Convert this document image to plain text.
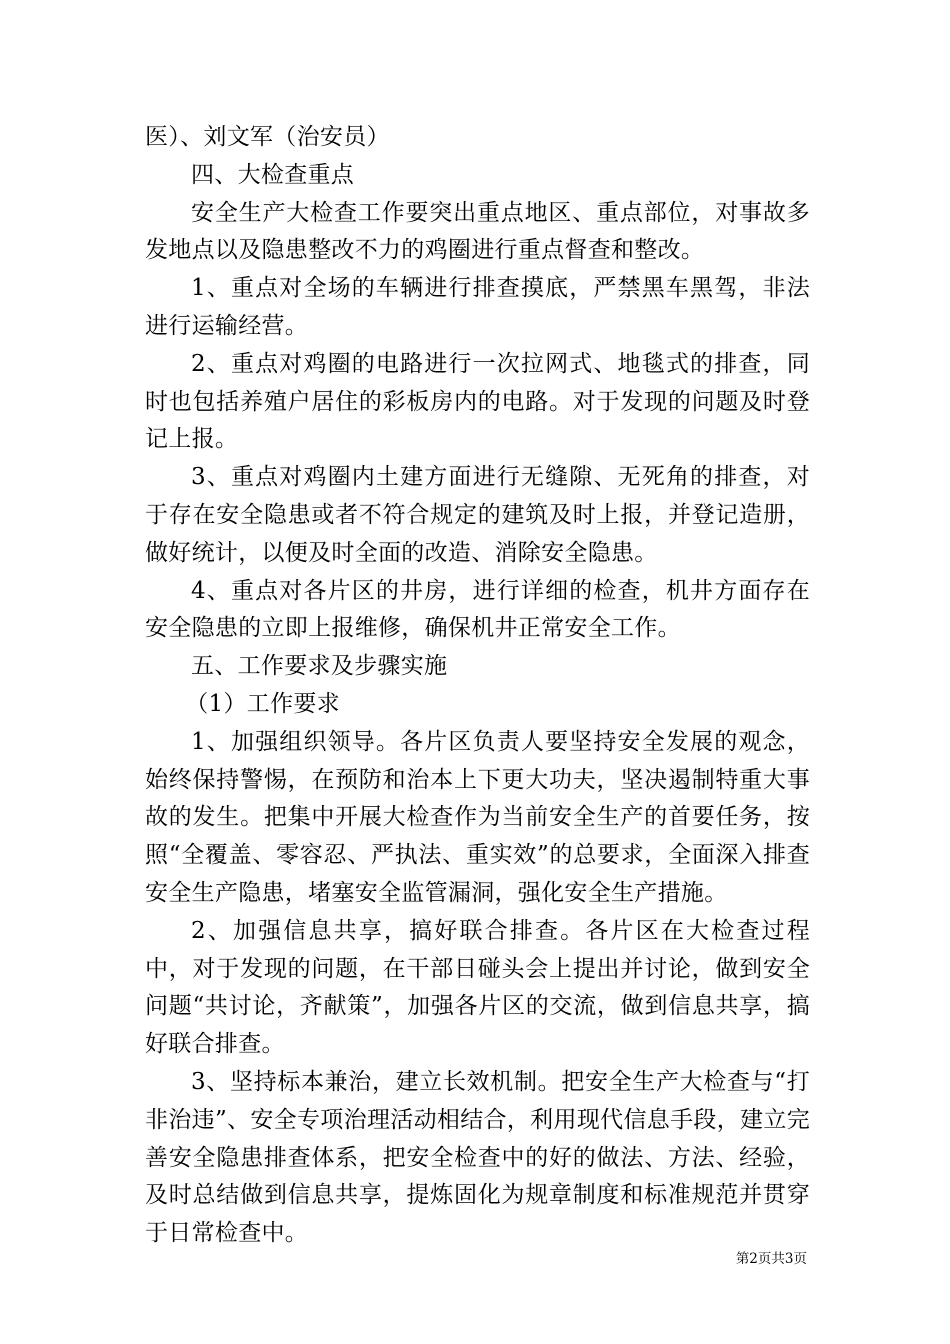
医）、刘文军（治安员）

四、大检查重点

安全生产大检查工作要突出重点地区、重点部位，对事故多发地点以及隐患整改不力的鸡圈进行重点督查和整改。

1、重点对全场的车辆进行排查摸底，严禁黑车黑驾，非法进行运输经营。

2、重点对鸡圈的电路进行一次拉网式、地毯式的排查，同时也包括养殖户居住的彩板房内的电路。对于发现的问题及时登记上报。

3、重点对鸡圈内土建方面进行无缝隙、无死角的排查，对于存在安全隐患或者不符合规定的建筑及时上报，并登记造册，做好统计，以便及时全面的改造、消除安全隐患。

4、重点对各片区的井房，进行详细的检查，机井方面存在安全隐患的立即上报维修，确保机井正常安全工作。

五、工作要求及步骤实施

（1）工作要求

1、加强组织领导。各片区负责人要坚持安全发展的观念，始终保持警惕，在预防和治本上下更大功夫，坚决遏制特重大事故的发生。把集中开展大检查作为当前安全生产的首要任务，按照“全覆盖、零容忍、严执法、重实效”的总要求，全面深入排查安全生产隐患，堵塞安全监管漏洞，强化安全生产措施。

2、加强信息共享，搞好联合排查。各片区在大检查过程中，对于发现的问题，在干部日碰头会上提出并讨论，做到安全问题“共讨论，齐献策”，加强各片区的交流，做到信息共享，搞好联合排查。

3、坚持标本兼治，建立长效机制。把安全生产大检查与“打非治违”、安全专项治理活动相结合，利用现代信息手段，建立完善安全隐患排查体系，把安全检查中的好的做法、方法、经验，及时总结做到信息共享，提炼固化为规章制度和标准规范并贯穿于日常检查中。

第2页共3页
